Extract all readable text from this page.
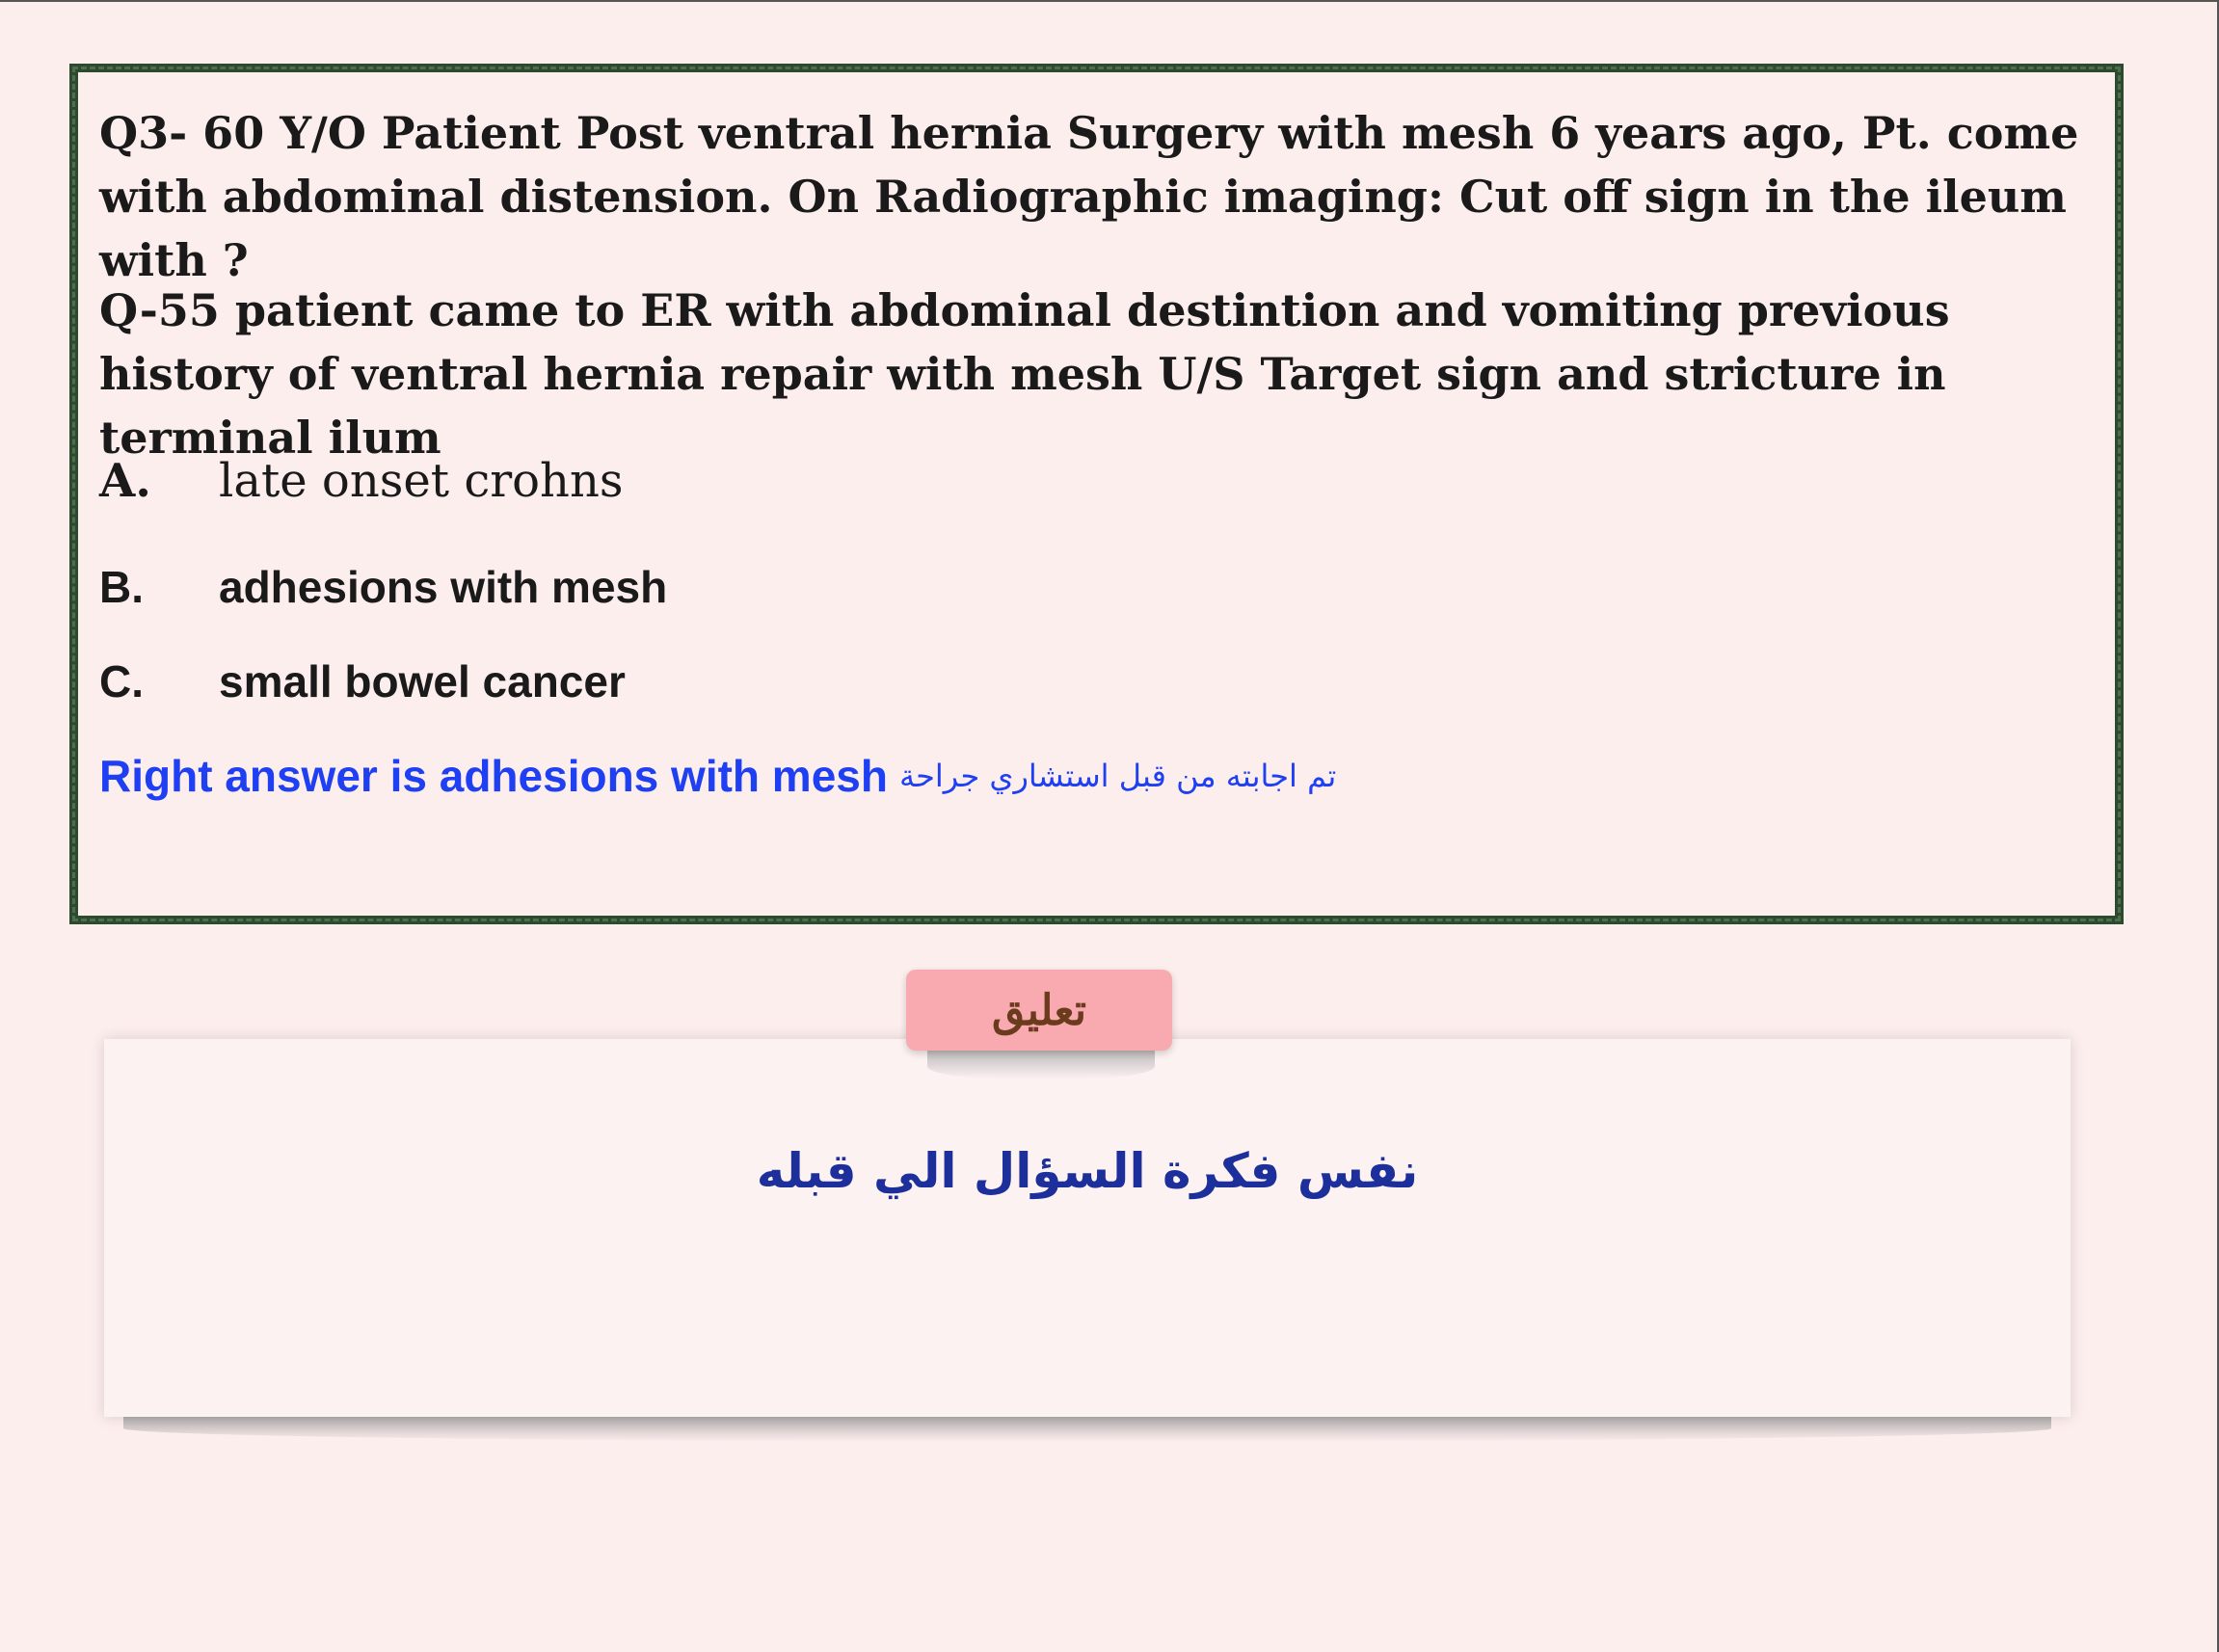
Q3- 60 Y/O Patient Post ventral hernia Surgery with mesh 6 years ago, Pt. come with abdominal distension. On Radiographic imaging: Cut off sign in the ileum with ?

Q-55 patient came to ER with abdominal destintion and vomiting previous history of ventral hernia repair with mesh U/S Target sign and stricture in terminal ilum

A.	late onset crohns
B.	adhesions with mesh
C.	small bowel cancer
Right answer is adhesions with mesh تم اجابته من قبل استشاري جراحة
تعليق
نفس فكرة السؤال الي قبله
